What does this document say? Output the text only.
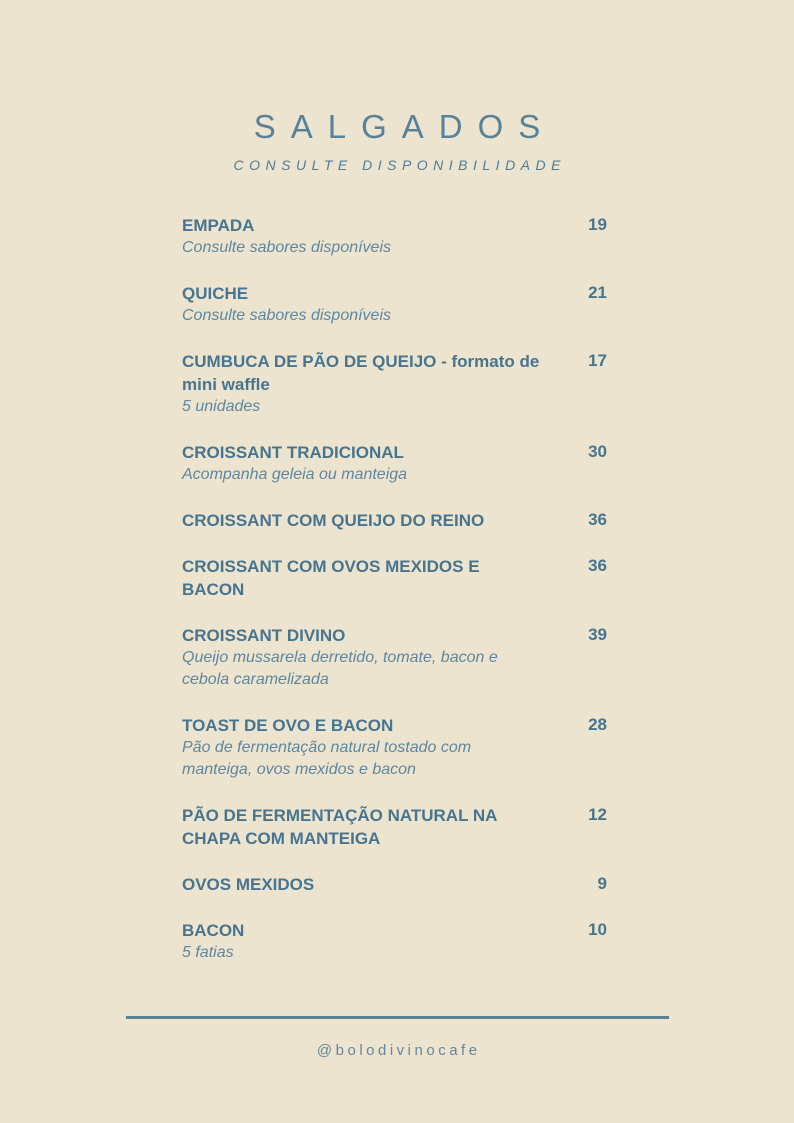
SALGADOS
CONSULTE DISPONIBILIDADE
EMPADA
Consulte sabores disponíveis
19
QUICHE
Consulte sabores disponíveis
21
CUMBUCA DE PÃO DE QUEIJO - formato de mini waffle
5 unidades
17
CROISSANT TRADICIONAL
Acompanha geleia ou manteiga
30
CROISSANT COM QUEIJO DO REINO	36
CROISSANT COM OVOS MEXIDOS E BACON
36
CROISSANT DIVINO
Queijo mussarela derretido, tomate, bacon e cebola caramelizada
39
TOAST DE OVO E BACON
Pão de fermentação natural tostado com manteiga, ovos mexidos e bacon
28
PÃO DE FERMENTAÇÃO NATURAL NA CHAPA COM MANTEIGA
12
OVOS MEXIDOS	9
BACON
5 fatias
10
@bolodivinocafe
